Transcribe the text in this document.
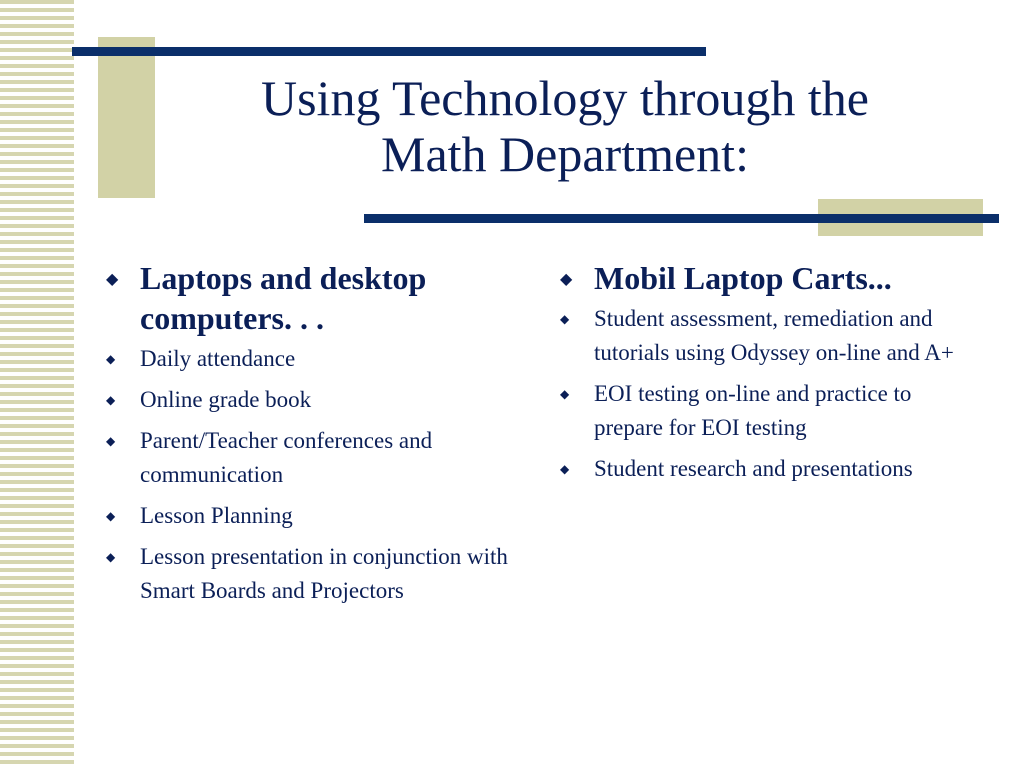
Using Technology through the
Math Department:
◆ Laptops and desktop computers. . .
◆ Daily attendance
◆ Online grade book
◆ Parent/Teacher conferences and communication
◆ Lesson Planning
◆ Lesson presentation in conjunction with Smart Boards and Projectors
◆ Mobil Laptop Carts...
◆ Student assessment, remediation and tutorials using Odyssey on-line and A+
◆ EOI testing on-line and practice to prepare for EOI testing
◆ Student research and presentations
